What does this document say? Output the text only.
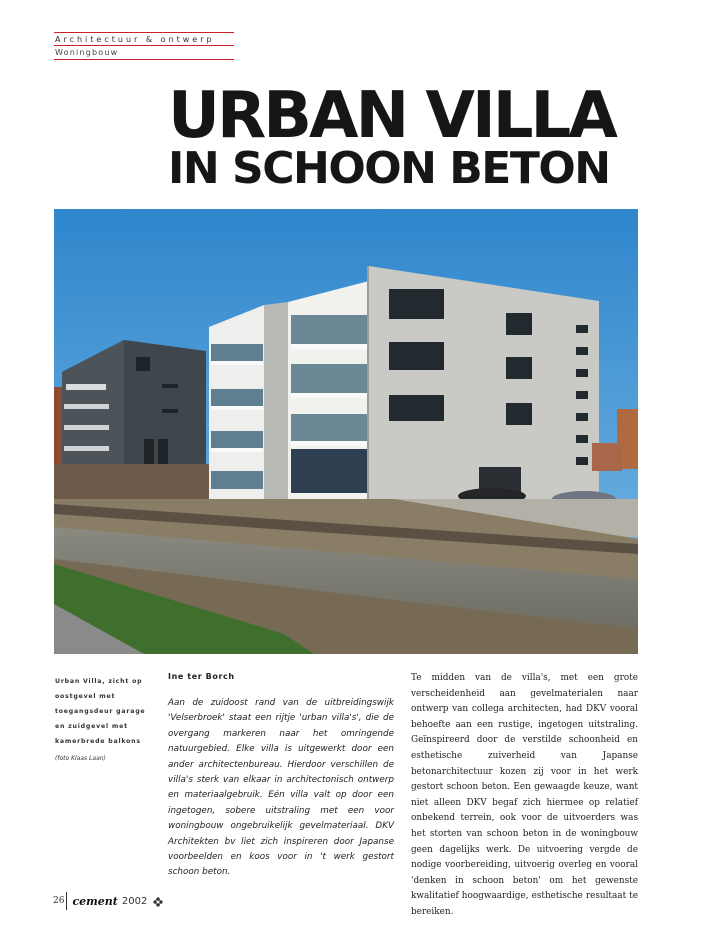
Architectuur & ontwerp
Woningbouw
URBAN VILLA
IN SCHOON BETON
Urban Villa, zicht op oostgevel met toegangsdeur garage en zuidgevel met kamerbrede balkons
(foto Klaas Laan)
Ine ter Borch

Aan de zuidoost rand van de uitbreidingswijk 'Velserbroek' staat een rijtje 'urban villa's', die de overgang markeren naar het omringende natuurgebied. Elke villa is uitgewerkt door een ander architectenbureau. Hierdoor verschillen de villa's sterk van elkaar in architectonisch ontwerp en materiaalgebruik. Eén villa valt op door een ingetogen, sobere uitstraling met een voor woningbouw ongebruikelijk gevelmateriaal. DKV Architekten bv liet zich inspireren door Japanse voorbeelden en koos voor in 't werk gestort schoon beton.

Te midden van de villa's, met een grote verscheidenheid aan gevelmaterialen naar ontwerp van collega architecten, had DKV vooral behoefte aan een rustige, ingetogen uitstraling. Geïnspireerd door de verstilde schoonheid en esthetische zuiverheid van Japanse betonarchitectuur kozen zij voor in het werk gestort schoon beton. Een gewaagde keuze, want niet alleen DKV begaf zich hiermee op relatief onbekend terrein, ook voor de uitvoerders was het storten van schoon beton in de woningbouw geen dagelijks werk. De uitvoering vergde de nodige voorbereiding, uitvoerig overleg en vooral 'denken in schoon beton' om het gewenste kwalitatief hoogwaardige, esthetische resultaat te bereiken.

26 cement 2002
